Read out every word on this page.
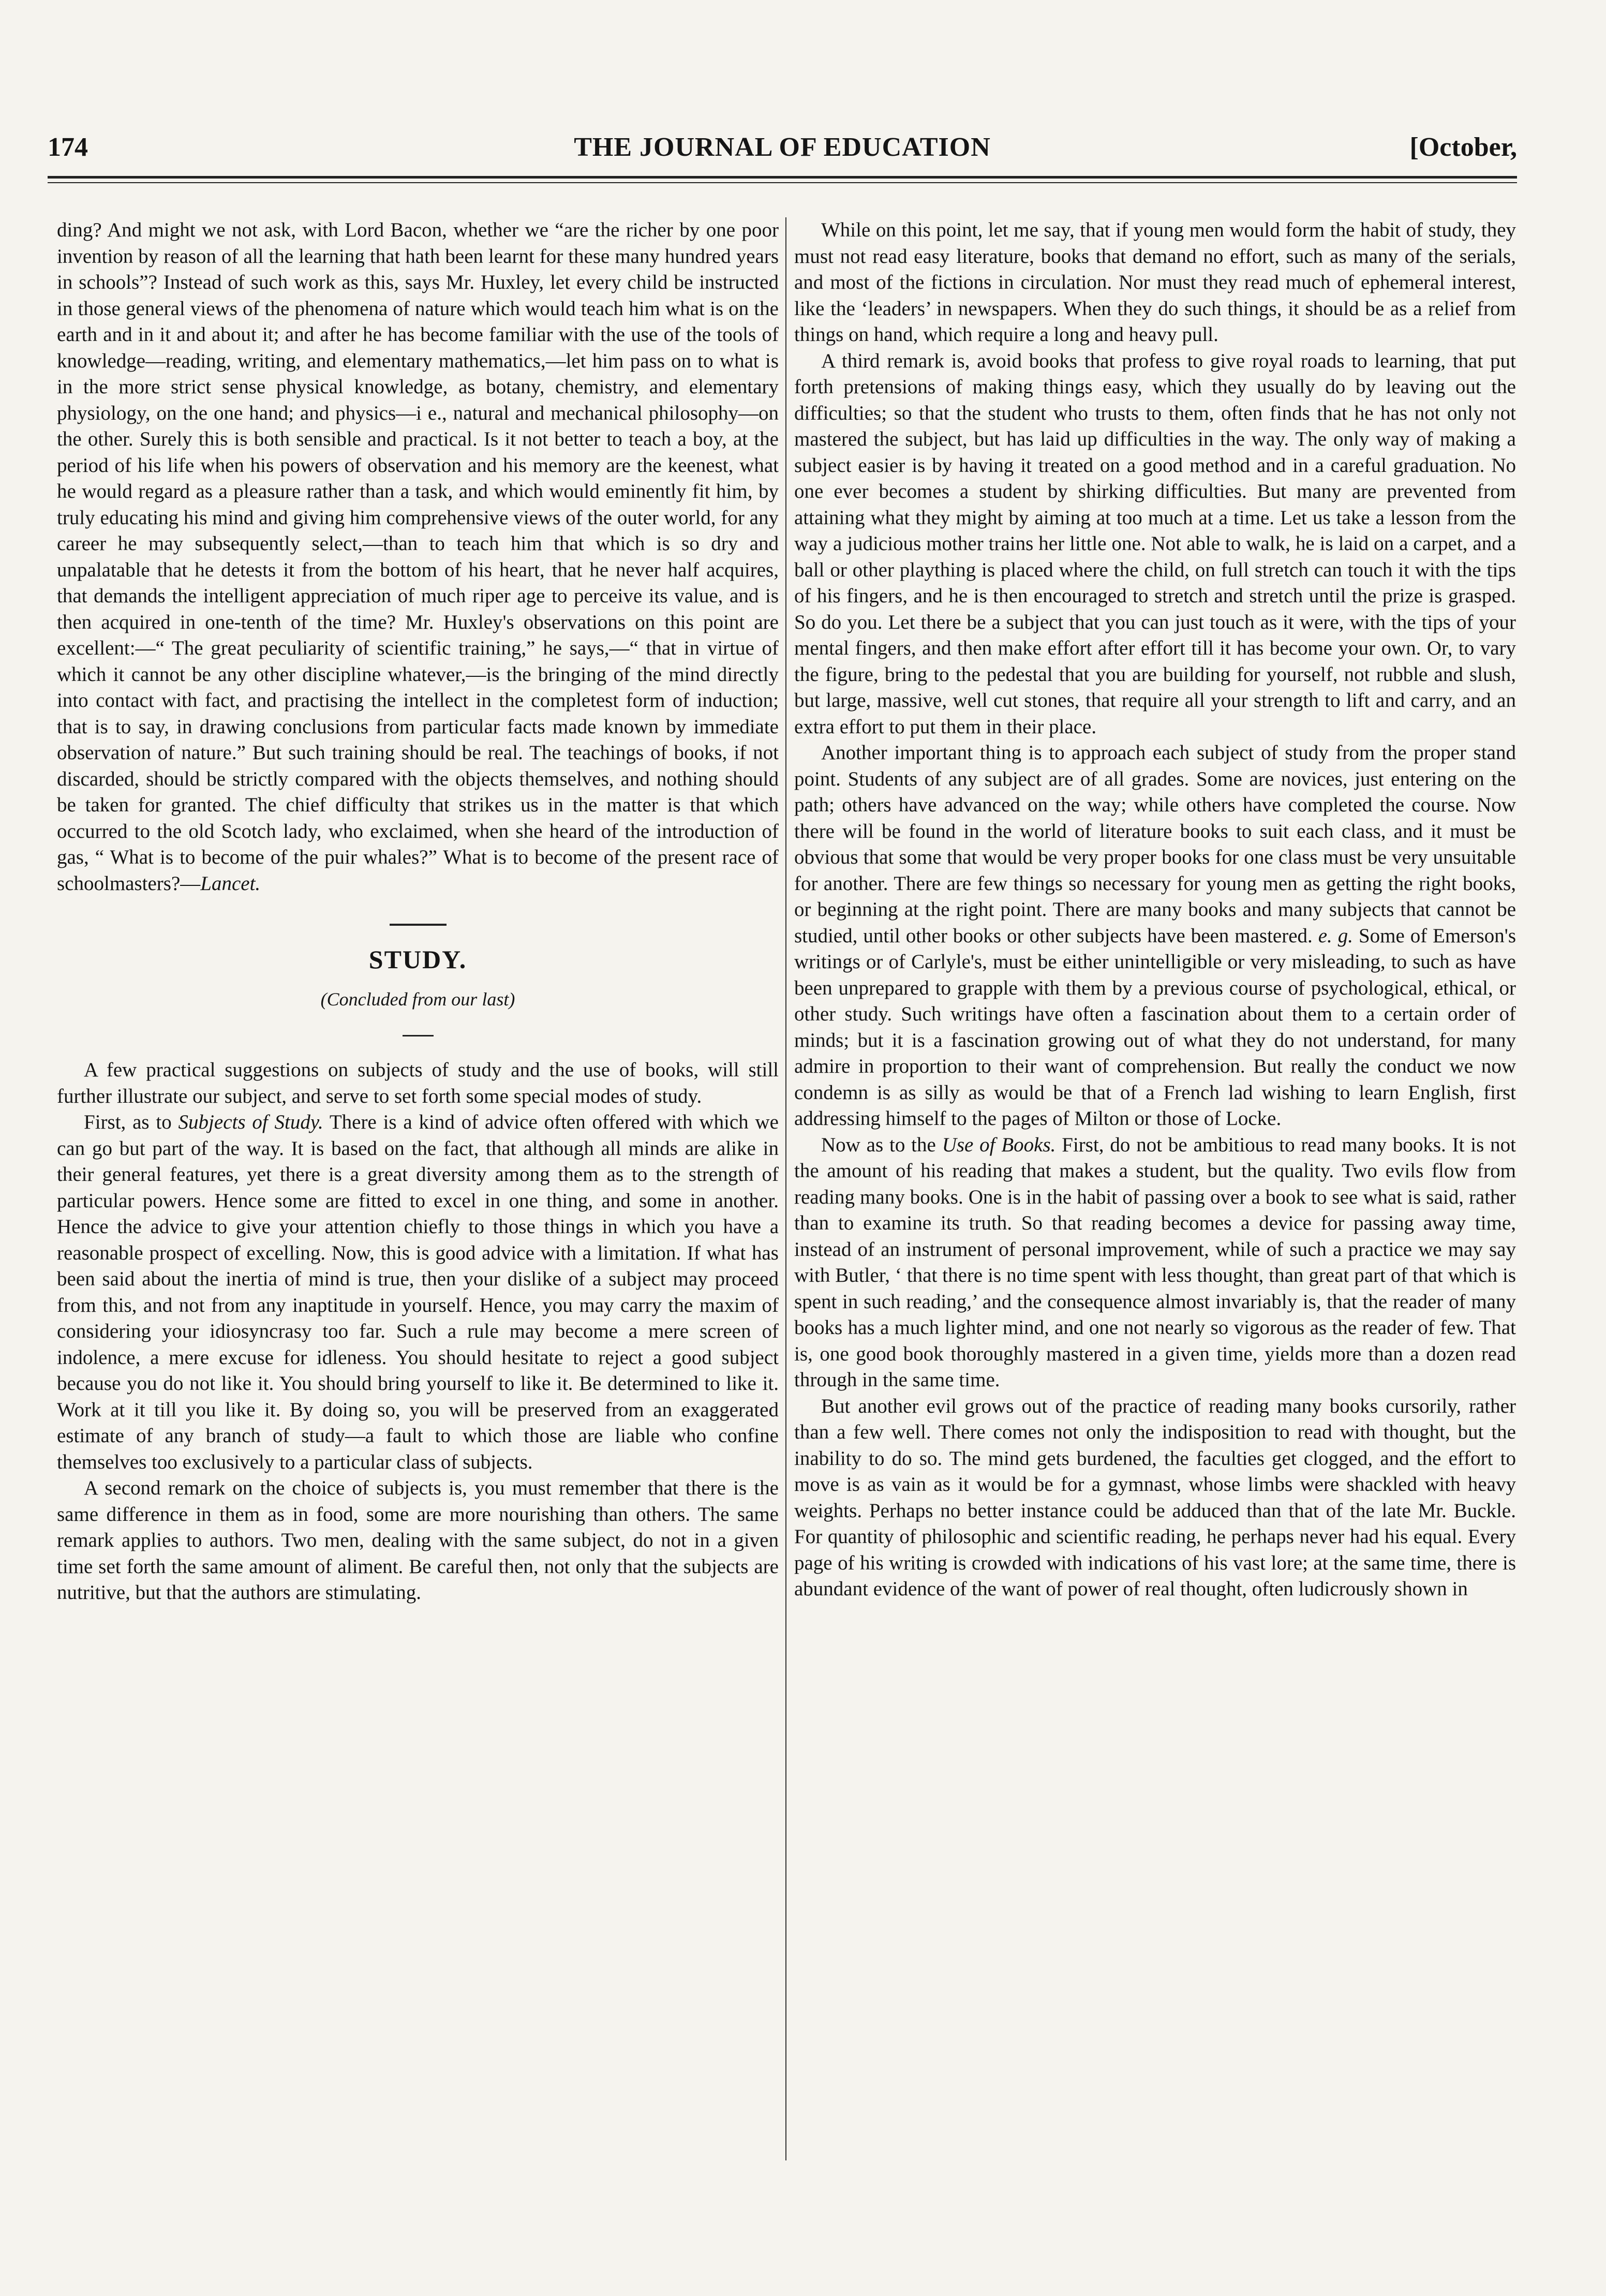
174	THE JOURNAL OF EDUCATION	[October,

ding? And might we not ask, with Lord Bacon, whether we “are the richer by one poor invention by reason of all the learning that hath been learnt for these many hundred years in schools”? Instead of such work as this, says Mr. Huxley, let every child be instructed in those general views of the phenomena of nature which would teach him what is on the earth and in it and about it; and after he has become familiar with the use of the tools of knowledge—reading, writing, and elementary mathematics,—let him pass on to what is in the more strict sense physical knowledge, as botany, chemistry, and elementary physiology, on the one hand; and physics—i e., natural and mechanical philosophy—on the other. Surely this is both sensible and practical. Is it not better to teach a boy, at the period of his life when his powers of observation and his memory are the keenest, what he would regard as a pleasure rather than a task, and which would eminently fit him, by truly educating his mind and giving him comprehensive views of the outer world, for any career he may subsequently select,—than to teach him that which is so dry and unpalatable that he detests it from the bottom of his heart, that he never half acquires, that demands the intelligent appreciation of much riper age to perceive its value, and is then acquired in one-tenth of the time? Mr. Huxley's observations on this point are excellent:—“ The great peculiarity of scientific training,” he says,—“ that in virtue of which it cannot be any other discipline whatever,—is the bringing of the mind directly into contact with fact, and practising the intellect in the completest form of induction; that is to say, in drawing conclusions from particular facts made known by immediate observation of nature.” But such training should be real. The teachings of books, if not discarded, should be strictly compared with the objects themselves, and nothing should be taken for granted. The chief difficulty that strikes us in the matter is that which occurred to the old Scotch lady, who exclaimed, when she heard of the introduction of gas, “ What is to become of the puir whales?” What is to become of the present race of schoolmasters?—Lancet.

STUDY.
(Concluded from our last)

A few practical suggestions on subjects of study and the use of books, will still further illustrate our subject, and serve to set forth some special modes of study.

First, as to Subjects of Study. There is a kind of advice often offered with which we can go but part of the way. It is based on the fact, that although all minds are alike in their general features, yet there is a great diversity among them as to the strength of particular powers. Hence some are fitted to excel in one thing, and some in another. Hence the advice to give your attention chiefly to those things in which you have a reasonable prospect of excelling. Now, this is good advice with a limitation. If what has been said about the inertia of mind is true, then your dislike of a subject may proceed from this, and not from any inaptitude in yourself. Hence, you may carry the maxim of considering your idiosyncrasy too far. Such a rule may become a mere screen of indolence, a mere excuse for idleness. You should hesitate to reject a good subject because you do not like it. You should bring yourself to like it. Be determined to like it. Work at it till you like it. By doing so, you will be preserved from an exaggerated estimate of any branch of study—a fault to which those are liable who confine themselves too exclusively to a particular class of subjects.

A second remark on the choice of subjects is, you must remember that there is the same difference in them as in food, some are more nourishing than others. The same remark applies to authors. Two men, dealing with the same subject, do not in a given time set forth the same amount of aliment. Be careful then, not only that the subjects are nutritive, but that the authors are stimulating.

While on this point, let me say, that if young men would form the habit of study, they must not read easy literature, books that demand no effort, such as many of the serials, and most of the fictions in circulation. Nor must they read much of ephemeral interest, like the ‘leaders’ in newspapers. When they do such things, it should be as a relief from things on hand, which require a long and heavy pull.

A third remark is, avoid books that profess to give royal roads to learning, that put forth pretensions of making things easy, which they usually do by leaving out the difficulties; so that the student who trusts to them, often finds that he has not only not mastered the subject, but has laid up difficulties in the way. The only way of making a subject easier is by having it treated on a good method and in a careful graduation. No one ever becomes a student by shirking difficulties. But many are prevented from attaining what they might by aiming at too much at a time. Let us take a lesson from the way a judicious mother trains her little one. Not able to walk, he is laid on a carpet, and a ball or other plaything is placed where the child, on full stretch can touch it with the tips of his fingers, and he is then encouraged to stretch and stretch until the prize is grasped. So do you. Let there be a subject that you can just touch as it were, with the tips of your mental fingers, and then make effort after effort till it has become your own. Or, to vary the figure, bring to the pedestal that you are building for yourself, not rubble and slush, but large, massive, well cut stones, that require all your strength to lift and carry, and an extra effort to put them in their place.

Another important thing is to approach each subject of study from the proper stand point. Students of any subject are of all grades. Some are novices, just entering on the path; others have advanced on the way; while others have completed the course. Now there will be found in the world of literature books to suit each class, and it must be obvious that some that would be very proper books for one class must be very unsuitable for another. There are few things so necessary for young men as getting the right books, or beginning at the right point. There are many books and many subjects that cannot be studied, until other books or other subjects have been mastered. e. g. Some of Emerson's writings or of Carlyle's, must be either unintelligible or very misleading, to such as have been unprepared to grapple with them by a previous course of psychological, ethical, or other study. Such writings have often a fascination about them to a certain order of minds; but it is a fascination growing out of what they do not understand, for many admire in proportion to their want of comprehension. But really the conduct we now condemn is as silly as would be that of a French lad wishing to learn English, first addressing himself to the pages of Milton or those of Locke.

Now as to the Use of Books. First, do not be ambitious to read many books. It is not the amount of his reading that makes a student, but the quality. Two evils flow from reading many books. One is in the habit of passing over a book to see what is said, rather than to examine its truth. So that reading becomes a device for passing away time, instead of an instrument of personal improvement, while of such a practice we may say with Butler, ‘ that there is no time spent with less thought, than great part of that which is spent in such reading,’ and the consequence almost invariably is, that the reader of many books has a much lighter mind, and one not nearly so vigorous as the reader of few. That is, one good book thoroughly mastered in a given time, yields more than a dozen read through in the same time.

But another evil grows out of the practice of reading many books cursorily, rather than a few well. There comes not only the indisposition to read with thought, but the inability to do so. The mind gets burdened, the faculties get clogged, and the effort to move is as vain as it would be for a gymnast, whose limbs were shackled with heavy weights. Perhaps no better instance could be adduced than that of the late Mr. Buckle. For quantity of philosophic and scientific reading, he perhaps never had his equal. Every page of his writing is crowded with indications of his vast lore; at the same time, there is abundant evidence of the want of power of real thought, often ludicrously shown in
